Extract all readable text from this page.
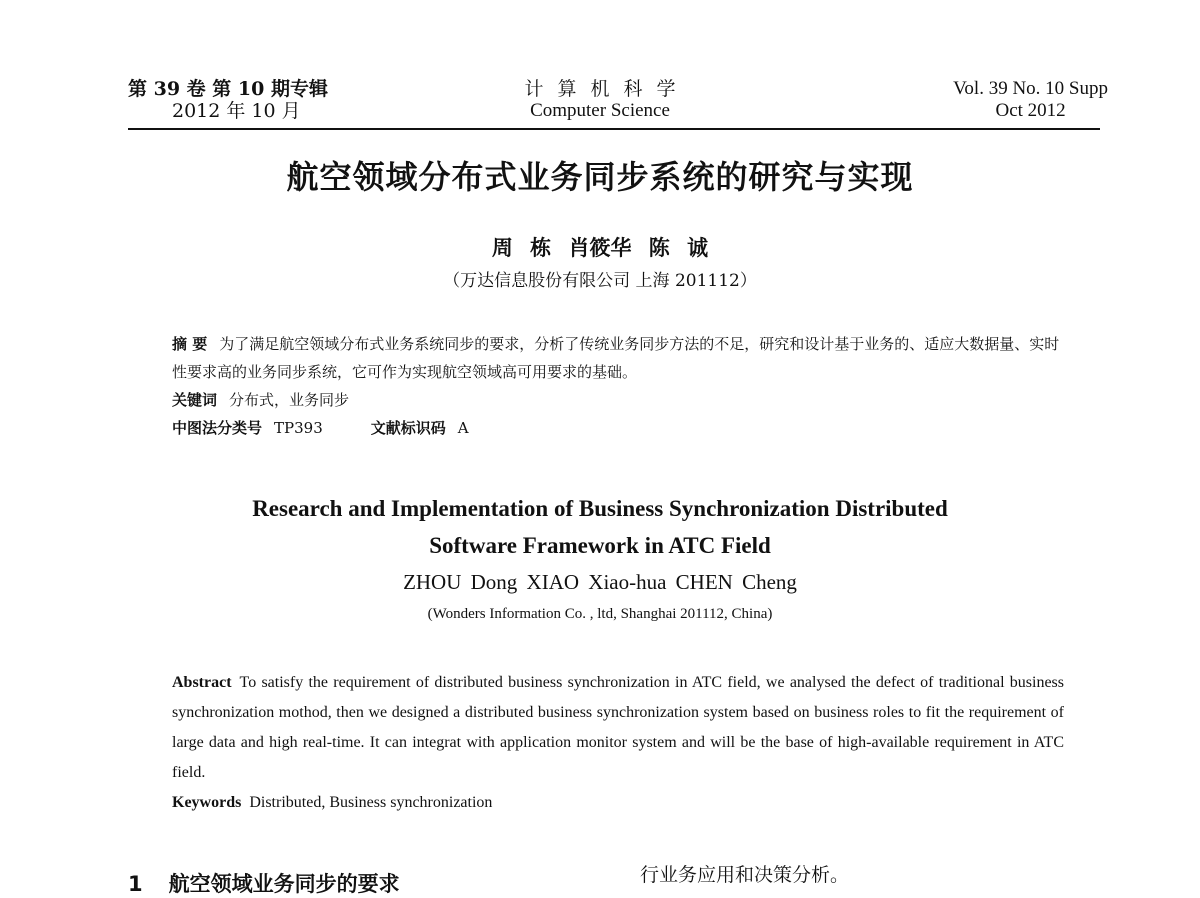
第 39 卷 第 10 期专辑
2012 年 10 月
计算机科学
Computer Science
Vol. 39 No. 10 Supp
Oct 2012
航空领域分布式业务同步系统的研究与实现
周 栋 肖筱华 陈 诚
（万达信息股份有限公司 上海 201112）
摘 要 为了满足航空领域分布式业务系统同步的要求，分析了传统业务同步方法的不足，研究和设计基于业务的、适应大数据量、实时性要求高的业务同步系统，它可作为实现航空领域高可用要求的基础。
关键词 分布式，业务同步
中图法分类号 TP393	文献标识码 A
Research and Implementation of Business Synchronization Distributed
Software Framework in ATC Field
ZHOU Dong XIAO Xiao-hua CHEN Cheng
(Wonders Information Co. , ltd, Shanghai 201112, China)
Abstract To satisfy the requirement of distributed business synchronization in ATC field, we analysed the defect of traditional business synchronization mothod, then we designed a distributed business synchronization system based on business roles to fit the requirement of large data and high real-time. It can integrat with application monitor system and will be the base of high-available requirement in ATC field.
Keywords Distributed, Business synchronization
1 航空领域业务同步的要求	行业务应用和决策分析。
